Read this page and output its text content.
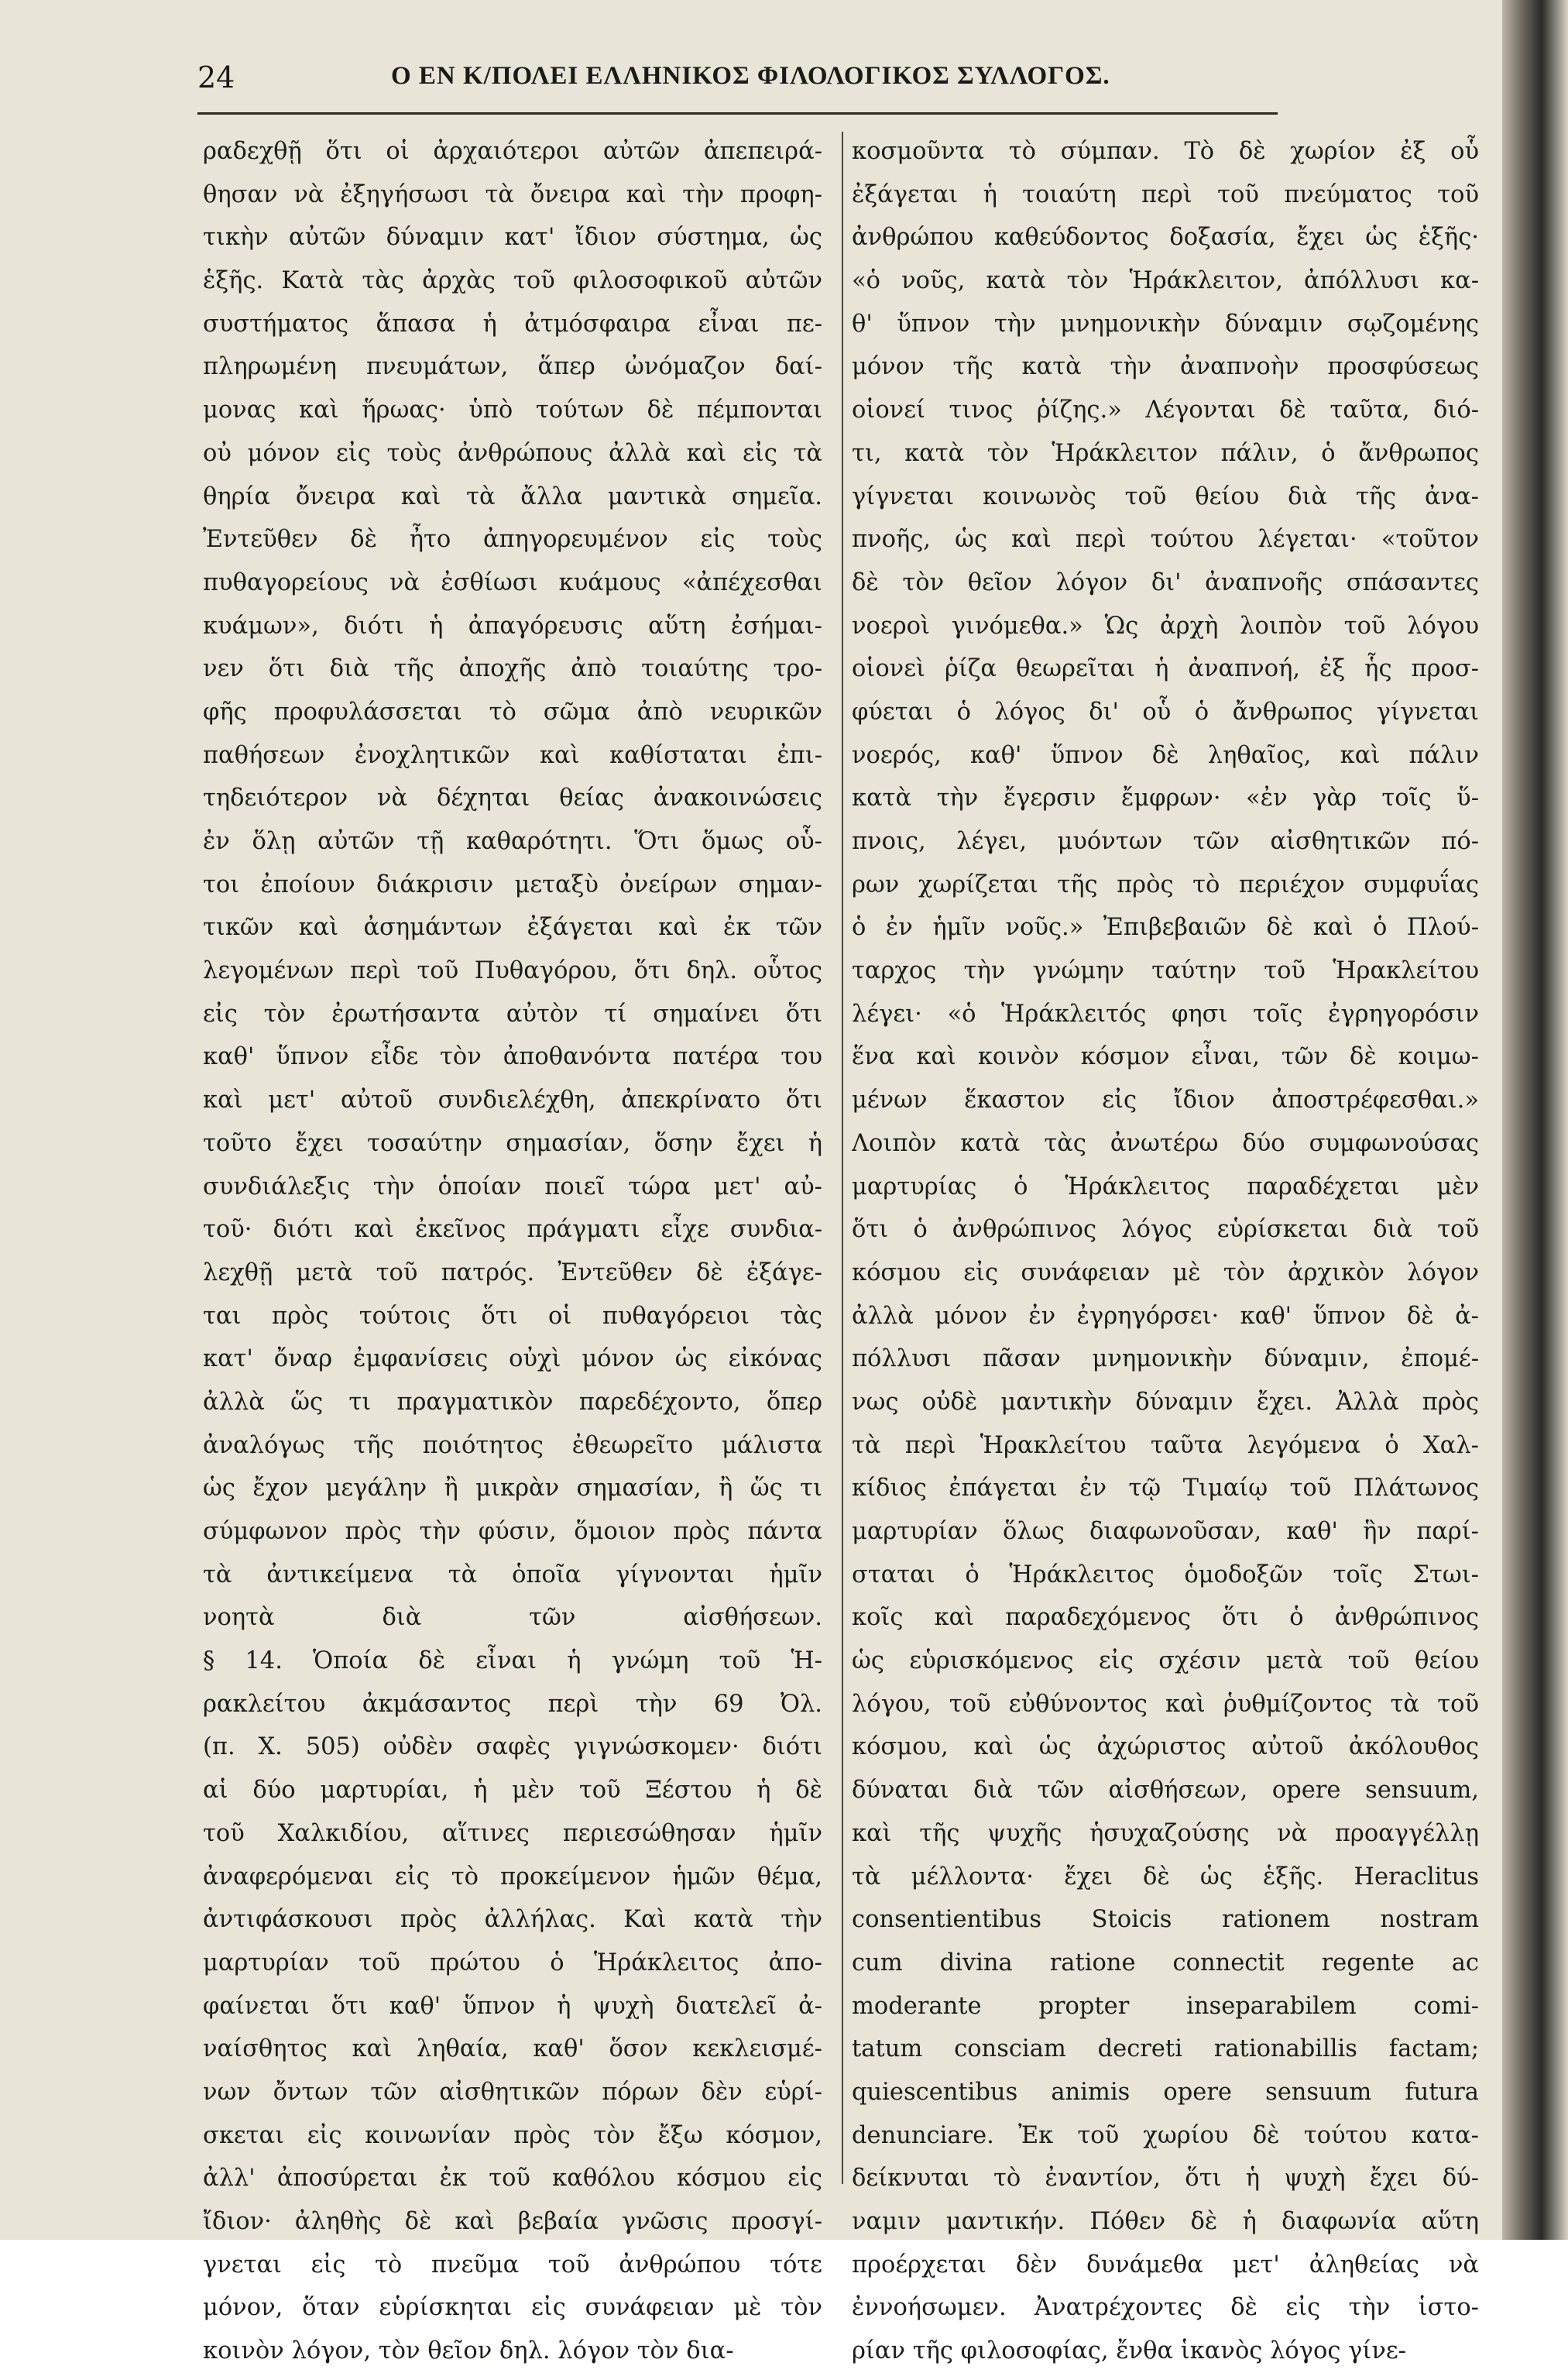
24	Ο ΕΝ Κ/ΠΟΛΕΙ ΕΛΛΗΝΙΚΟΣ ΦΙΛΟΛΟΓΙΚΟΣ ΣΥΛΛΟΓΟΣ.
ραδεχθῇ ὅτι οἱ ἀρχαιότεροι αὐτῶν ἀπεπειρά-
θησαν νὰ ἐξηγήσωσι τὰ ὄνειρα καὶ τὴν προφη-
τικὴν αὐτῶν δύναμιν κατ' ἴδιον σύστημα, ὡς
ἑξῆς. Κατὰ τὰς ἀρχὰς τοῦ φιλοσοφικοῦ αὐτῶν
συστήματος ἅπασα ἡ ἀτμόσφαιρα εἶναι πε-
πληρωμένη πνευμάτων, ἅπερ ὠνόμαζον δαί-
μονας καὶ ἥρωας· ὑπὸ τούτων δὲ πέμπονται
οὐ μόνον εἰς τοὺς ἀνθρώπους ἀλλὰ καὶ εἰς τὰ
θηρία ὄνειρα καὶ τὰ ἄλλα μαντικὰ σημεῖα.
Ἐντεῦθεν δὲ ἦτο ἀπηγορευμένον εἰς τοὺς
πυθαγορείους νὰ ἐσθίωσι κυάμους «ἀπέχεσθαι
κυάμων», διότι ἡ ἀπαγόρευσις αὕτη ἐσήμαι-
νεν ὅτι διὰ τῆς ἀποχῆς ἀπὸ τοιαύτης τρο-
φῆς προφυλάσσεται τὸ σῶμα ἀπὸ νευρικῶν
παθήσεων ἐνοχλητικῶν καὶ καθίσταται ἐπι-
τηδειότερον νὰ δέχηται θείας ἀνακοινώσεις
ἐν ὅλῃ αὐτῶν τῇ καθαρότητι. Ὅτι ὅμως οὗ-
τοι ἐποίουν διάκρισιν μεταξὺ ὀνείρων σημαν-
τικῶν καὶ ἀσημάντων ἐξάγεται καὶ ἐκ τῶν
λεγομένων περὶ τοῦ Πυθαγόρου, ὅτι δηλ. οὗτος
εἰς τὸν ἐρωτήσαντα αὐτὸν τί σημαίνει ὅτι
καθ' ὕπνον εἶδε τὸν ἀποθανόντα πατέρα του
καὶ μετ' αὐτοῦ συνδιελέχθη, ἀπεκρίνατο ὅτι
τοῦτο ἔχει τοσαύτην σημασίαν, ὅσην ἔχει ἡ
συνδιάλεξις τὴν ὁποίαν ποιεῖ τώρα μετ' αὐ-
τοῦ· διότι καὶ ἐκεῖνος πράγματι εἶχε συνδια-
λεχθῇ μετὰ τοῦ πατρός. Ἐντεῦθεν δὲ ἐξάγε-
ται πρὸς τούτοις ὅτι οἱ πυθαγόρειοι τὰς
κατ' ὄναρ ἐμφανίσεις οὐχὶ μόνον ὡς εἰκόνας
ἀλλὰ ὥς τι πραγματικὸν παρεδέχοντο, ὅπερ
ἀναλόγως τῆς ποιότητος ἐθεωρεῖτο μάλιστα
ὡς ἔχον μεγάλην ἢ μικρὰν σημασίαν, ἢ ὥς τι
σύμφωνον πρὸς τὴν φύσιν, ὅμοιον πρὸς πάντα
τὰ ἀντικείμενα τὰ ὁποῖα γίγνονται ἡμῖν
νοητὰ διὰ τῶν αἰσθήσεων.
§ 14. Ὁποία δὲ εἶναι ἡ γνώμη τοῦ Ἡ-
ρακλείτου ἀκμάσαντος περὶ τὴν 69 Ὀλ.
(π. Χ. 505) οὐδὲν σαφὲς γιγνώσκομεν· διότι
αἱ δύο μαρτυρίαι, ἡ μὲν τοῦ Ξέστου ἡ δὲ
τοῦ Χαλκιδίου, αἵτινες περιεσώθησαν ἡμῖν
ἀναφερόμεναι εἰς τὸ προκείμενον ἡμῶν θέμα,
ἀντιφάσκουσι πρὸς ἀλλήλας. Καὶ κατὰ τὴν
μαρτυρίαν τοῦ πρώτου ὁ Ἡράκλειτος ἀπο-
φαίνεται ὅτι καθ' ὕπνον ἡ ψυχὴ διατελεῖ ἀ-
ναίσθητος καὶ ληθαία, καθ' ὅσον κεκλεισμέ-
νων ὄντων τῶν αἰσθητικῶν πόρων δὲν εὑρί-
σκεται εἰς κοινωνίαν πρὸς τὸν ἔξω κόσμον,
ἀλλ' ἀποσύρεται ἐκ τοῦ καθόλου κόσμου εἰς
ἴδιον· ἀληθὴς δὲ καὶ βεβαία γνῶσις προσγί-
γνεται εἰς τὸ πνεῦμα τοῦ ἀνθρώπου τότε
μόνον, ὅταν εὑρίσκηται εἰς συνάφειαν μὲ τὸν
κοινὸν λόγον, τὸν θεῖον δηλ. λόγον τὸν δια-
κοσμοῦντα τὸ σύμπαν. Τὸ δὲ χωρίον ἐξ οὗ
ἐξάγεται ἡ τοιαύτη περὶ τοῦ πνεύματος τοῦ
ἀνθρώπου καθεύδοντος δοξασία, ἔχει ὡς ἑξῆς·
«ὁ νοῦς, κατὰ τὸν Ἡράκλειτον, ἀπόλλυσι κα-
θ' ὕπνον τὴν μνημονικὴν δύναμιν σῳζομένης
μόνον τῆς κατὰ τὴν ἀναπνοὴν προσφύσεως
οἱονεί τινος ῥίζης.» Λέγονται δὲ ταῦτα, διό-
τι, κατὰ τὸν Ἡράκλειτον πάλιν, ὁ ἄνθρωπος
γίγνεται κοινωνὸς τοῦ θείου διὰ τῆς ἀνα-
πνοῆς, ὡς καὶ περὶ τούτου λέγεται· «τοῦτον
δὲ τὸν θεῖον λόγον δι' ἀναπνοῆς σπάσαντες
νοεροὶ γινόμεθα.» Ὡς ἀρχὴ λοιπὸν τοῦ λόγου
οἱονεὶ ῥίζα θεωρεῖται ἡ ἀναπνοή, ἐξ ἧς προσ-
φύεται ὁ λόγος δι' οὗ ὁ ἄνθρωπος γίγνεται
νοερός, καθ' ὕπνον δὲ ληθαῖος, καὶ πάλιν
κατὰ τὴν ἔγερσιν ἔμφρων· «ἐν γὰρ τοῖς ὕ-
πνοις, λέγει, μυόντων τῶν αἰσθητικῶν πό-
ρων χωρίζεται τῆς πρὸς τὸ περιέχον συμφυΐας
ὁ ἐν ἡμῖν νοῦς.» Ἐπιβεβαιῶν δὲ καὶ ὁ Πλού-
ταρχος τὴν γνώμην ταύτην τοῦ Ἡρακλείτου
λέγει· «ὁ Ἡράκλειτός φησι τοῖς ἐγρηγορόσιν
ἕνα καὶ κοινὸν κόσμον εἶναι, τῶν δὲ κοιμω-
μένων ἕκαστον εἰς ἴδιον ἀποστρέφεσθαι.»
Λοιπὸν κατὰ τὰς ἀνωτέρω δύο συμφωνούσας
μαρτυρίας ὁ Ἡράκλειτος παραδέχεται μὲν
ὅτι ὁ ἀνθρώπινος λόγος εὑρίσκεται διὰ τοῦ
κόσμου εἰς συνάφειαν μὲ τὸν ἀρχικὸν λόγον
ἀλλὰ μόνον ἐν ἐγρηγόρσει· καθ' ὕπνον δὲ ἀ-
πόλλυσι πᾶσαν μνημονικὴν δύναμιν, ἐπομέ-
νως οὐδὲ μαντικὴν δύναμιν ἔχει. Ἀλλὰ πρὸς
τὰ περὶ Ἡρακλείτου ταῦτα λεγόμενα ὁ Χαλ-
κίδιος ἐπάγεται ἐν τῷ Τιμαίῳ τοῦ Πλάτωνος
μαρτυρίαν ὅλως διαφωνοῦσαν, καθ' ἣν παρί-
σταται ὁ Ἡράκλειτος ὁμοδοξῶν τοῖς Στωι-
κοῖς καὶ παραδεχόμενος ὅτι ὁ ἀνθρώπινος
ὡς εὑρισκόμενος εἰς σχέσιν μετὰ τοῦ θείου
λόγου, τοῦ εὐθύνοντος καὶ ῥυθμίζοντος τὰ τοῦ
κόσμου, καὶ ὡς ἀχώριστος αὐτοῦ ἀκόλουθος
δύναται διὰ τῶν αἰσθήσεων, opere sensuum,
καὶ τῆς ψυχῆς ἡσυχαζούσης νὰ προαγγέλλῃ
τὰ μέλλοντα· ἔχει δὲ ὡς ἑξῆς. Heraclitus
consentientibus Stoicis rationem nostram
cum divina ratione connectit regente ac
moderante propter inseparabilem comi-
tatum consciam decreti rationabillis factam;
quiescentibus animis opere sensuum futura
denunciare. Ἐκ τοῦ χωρίου δὲ τούτου κατα-
δείκνυται τὸ ἐναντίον, ὅτι ἡ ψυχὴ ἔχει δύ-
ναμιν μαντικήν. Πόθεν δὲ ἡ διαφωνία αὕτη
προέρχεται δὲν δυνάμεθα μετ' ἀληθείας νὰ
ἐννοήσωμεν. Ἀνατρέχοντες δὲ εἰς τὴν ἱστο-
ρίαν τῆς φιλοσοφίας, ἔνθα ἱκανὸς λόγος γίνε-
